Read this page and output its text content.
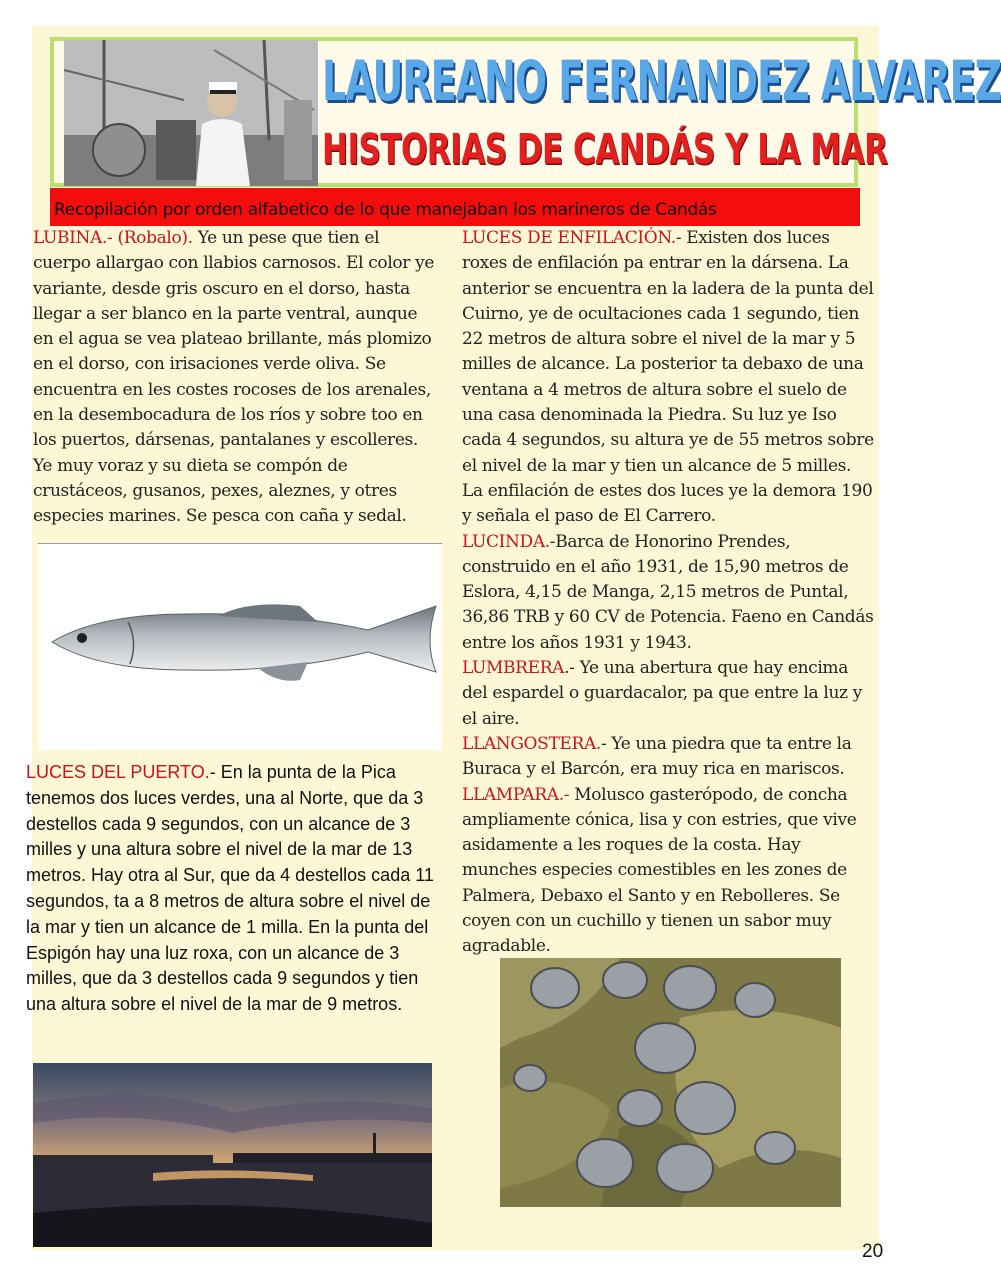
LAUREANO FERNANDEZ ALVAREZ
HISTORIAS DE CANDÁS Y LA MAR
Recopilación por orden alfabetico de lo que manejaban los marineros de Candás

LUBINA.- (Robalo). Ye un pese que tien el cuerpo allargao con llabios carnosos. El color ye variante, desde gris oscuro en el dorso, hasta llegar a ser blanco en la parte ventral, aunque en el agua se vea plateao brillante, más plomizo en el dorso, con irisaciones verde oliva. Se encuentra en les costes rocoses de los arenales, en la desembocadura de los ríos y sobre too en los puertos, dársenas, pantalanes y escolleres. Ye muy voraz y su dieta se compón de crustáceos, gusanos, pexes, aleznes, y otres especies marines. Se pesca con caña y sedal.

LUCES DEL PUERTO.- En la punta de la Pica tenemos dos luces verdes, una al Norte, que da 3 destellos cada 9 segundos, con un alcance de 3 milles y una altura sobre el nivel de la mar de 13 metros. Hay otra al Sur, que da 4 destellos cada 11 segundos, ta a 8 metros de altura sobre el nivel de la mar y tien un alcance de 1 milla. En la punta del Espigón hay una luz roxa, con un alcance de 3 milles, que da 3 destellos cada 9 segundos y tien una altura sobre el nivel de la mar de 9 metros.

LUCES DE ENFILACIÓN.- Existen dos luces roxes de enfilación pa entrar en la dársena. La anterior se encuentra en la ladera de la punta del Cuirno, ye de ocultaciones cada 1 segundo, tien 22 metros de altura sobre el nivel de la mar y 5 milles de alcance. La posterior ta debaxo de una ventana a 4 metros de altura sobre el suelo de una casa denominada la Piedra. Su luz ye Iso cada 4 segundos, su altura ye de 55 metros sobre el nivel de la mar y tien un alcance de 5 milles. La enfilación de estes dos luces ye la demora 190 y señala el paso de El Carrero.

LUCINDA.-Barca de Honorino Prendes, construido en el año 1931, de 15,90 metros de Eslora, 4,15 de Manga, 2,15 metros de Puntal, 36,86 TRB y 60 CV de Potencia. Faeno en Candás entre los años 1931 y 1943.

LUMBRERA.- Ye una abertura que hay encima del espardel o guardacalor, pa que entre la luz y el aire.

LLANGOSTERA.- Ye una piedra que ta entre la Buraca y el Barcón, era muy rica en mariscos.

LLAMPARA.- Molusco gasterópodo, de concha ampliamente cónica, lisa y con estries, que vive asidamente a les roques de la costa. Hay munches especies comestibles en les zones de Palmera, Debaxo el Santo y en Rebolleres. Se coyen con un cuchillo y tienen un sabor muy agradable.

20
